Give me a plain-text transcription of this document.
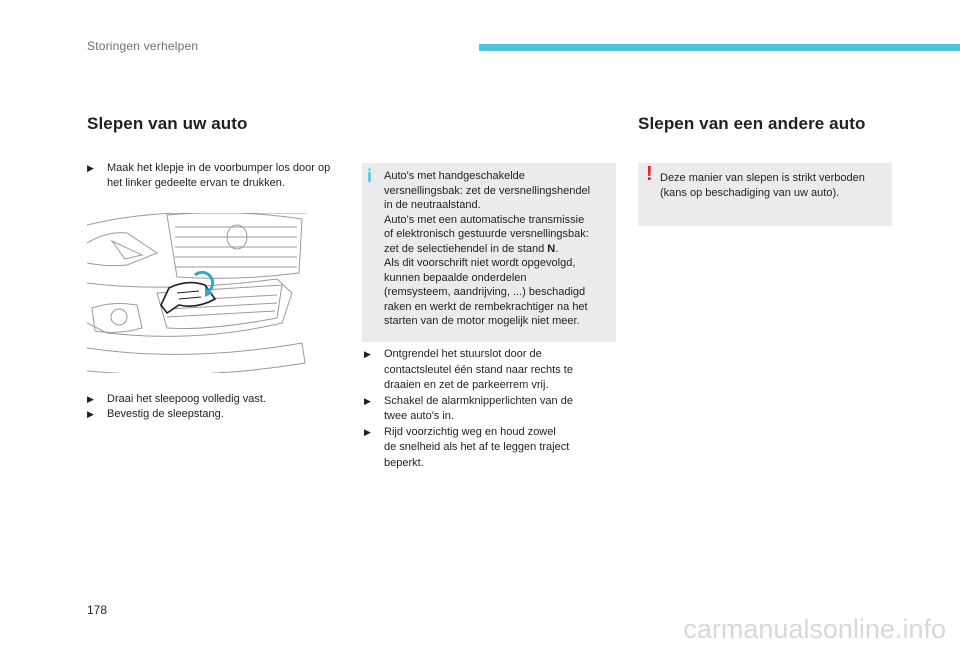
Storingen verhelpen
Slepen van uw auto
▶ Maak het klepje in de voorbumper los door op het linker gedeelte ervan te drukken.
▶ Draai het sleepoog volledig vast.
▶ Bevestig de sleepstang.
i Auto's met handgeschakelde
versnellingsbak: zet de versnellingshendel
in de neutraalstand.
Auto's met een automatische transmissie
of elektronisch gestuurde versnellingsbak:
zet de selectiehendel in de stand N.
Als dit voorschrift niet wordt opgevolgd,
kunnen bepaalde onderdelen
(remsysteem, aandrijving, ...) beschadigd
raken en werkt de rembekrachtiger na het
starten van de motor mogelijk niet meer.
▶ Ontgrendel het stuurslot door de
contactsleutel één stand naar rechts te
draaien en zet de parkeerrem vrij.
▶ Schakel de alarmknipperlichten van de
twee auto's in.
▶ Rijd voorzichtig weg en houd zowel
de snelheid als het af te leggen traject
beperkt.
Slepen van een andere auto
! Deze manier van slepen is strikt verboden
(kans op beschadiging van uw auto).
178
carmanualsonline.info
